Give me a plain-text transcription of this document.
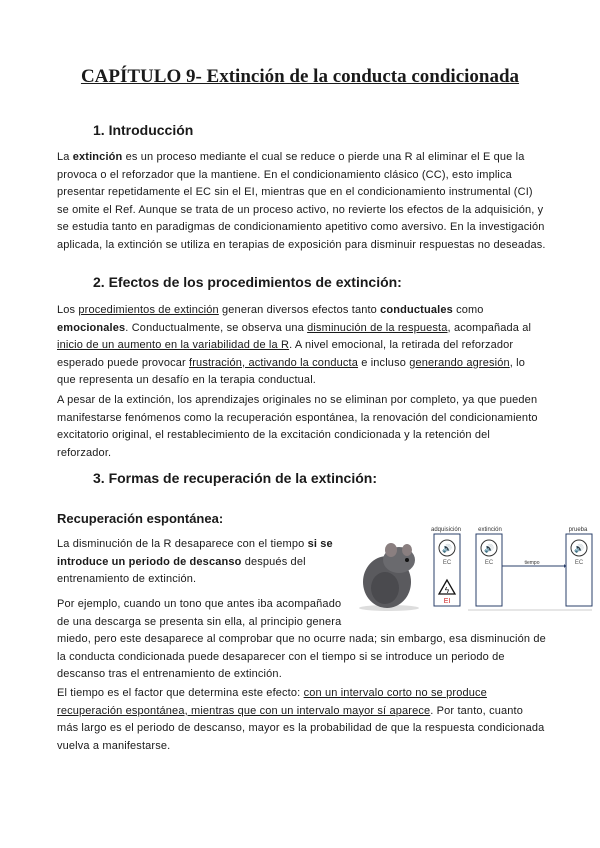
CAPÍTULO 9- Extinción de la conducta condicionada
1. Introducción

La extinción es un proceso mediante el cual se reduce o pierde una R al eliminar el E que la provoca o el reforzador que la mantiene. En el condicionamiento clásico (CC), esto implica presentar repetidamente el EC sin el EI, mientras que en el condicionamiento instrumental (CI) se omite el Ref. Aunque se trata de un proceso activo, no revierte los efectos de la adquisición, y se estudia tanto en paradigmas de condicionamiento apetitivo como aversivo. En la investigación aplicada, la extinción se utiliza en terapias de exposición para disminuir respuestas no deseadas.

2. Efectos de los procedimientos de extinción:

Los procedimientos de extinción generan diversos efectos tanto conductuales como emocionales. Conductualmente, se observa una disminución de la respuesta, acompañada al inicio de un aumento en la variabilidad de la R. A nivel emocional, la retirada del reforzador esperado puede provocar frustración, activando la conducta e incluso generando agresión, lo que representa un desafío en la terapia conductual.

A pesar de la extinción, los aprendizajes originales no se eliminan por completo, ya que pueden manifestarse fenómenos como la recuperación espontánea, la renovación del condicionamiento excitatorio original, el restablecimiento de la excitación condicionada y la retención del reforzador.

3. Formas de recuperación de la extinción:
Recuperación espontánea:

La disminución de la R desaparece con el tiempo si se introduce un periodo de descanso después del entrenamiento de extinción.

Por ejemplo, cuando un tono que antes iba acompañado de una descarga se presenta sin ella, al principio genera miedo, pero este desaparece al comprobar que no ocurre nada; sin embargo, esa disminución de la conducta condicionada puede desaparecer con el tiempo si se introduce un periodo de descanso tras el entrenamiento de extinción.

El tiempo es el factor que determina este efecto: con un intervalo corto no se produce recuperación espontánea, mientras que con un intervalo mayor sí aparece. Por tanto, cuanto más largo es el periodo de descanso, mayor es la probabilidad de que la respuesta condicionada vuelva a manifestarse.

adquisición	extinción	prueba
🔊	🔊	🔊
EC	EC	EC
ϟ
EI
tiempo
